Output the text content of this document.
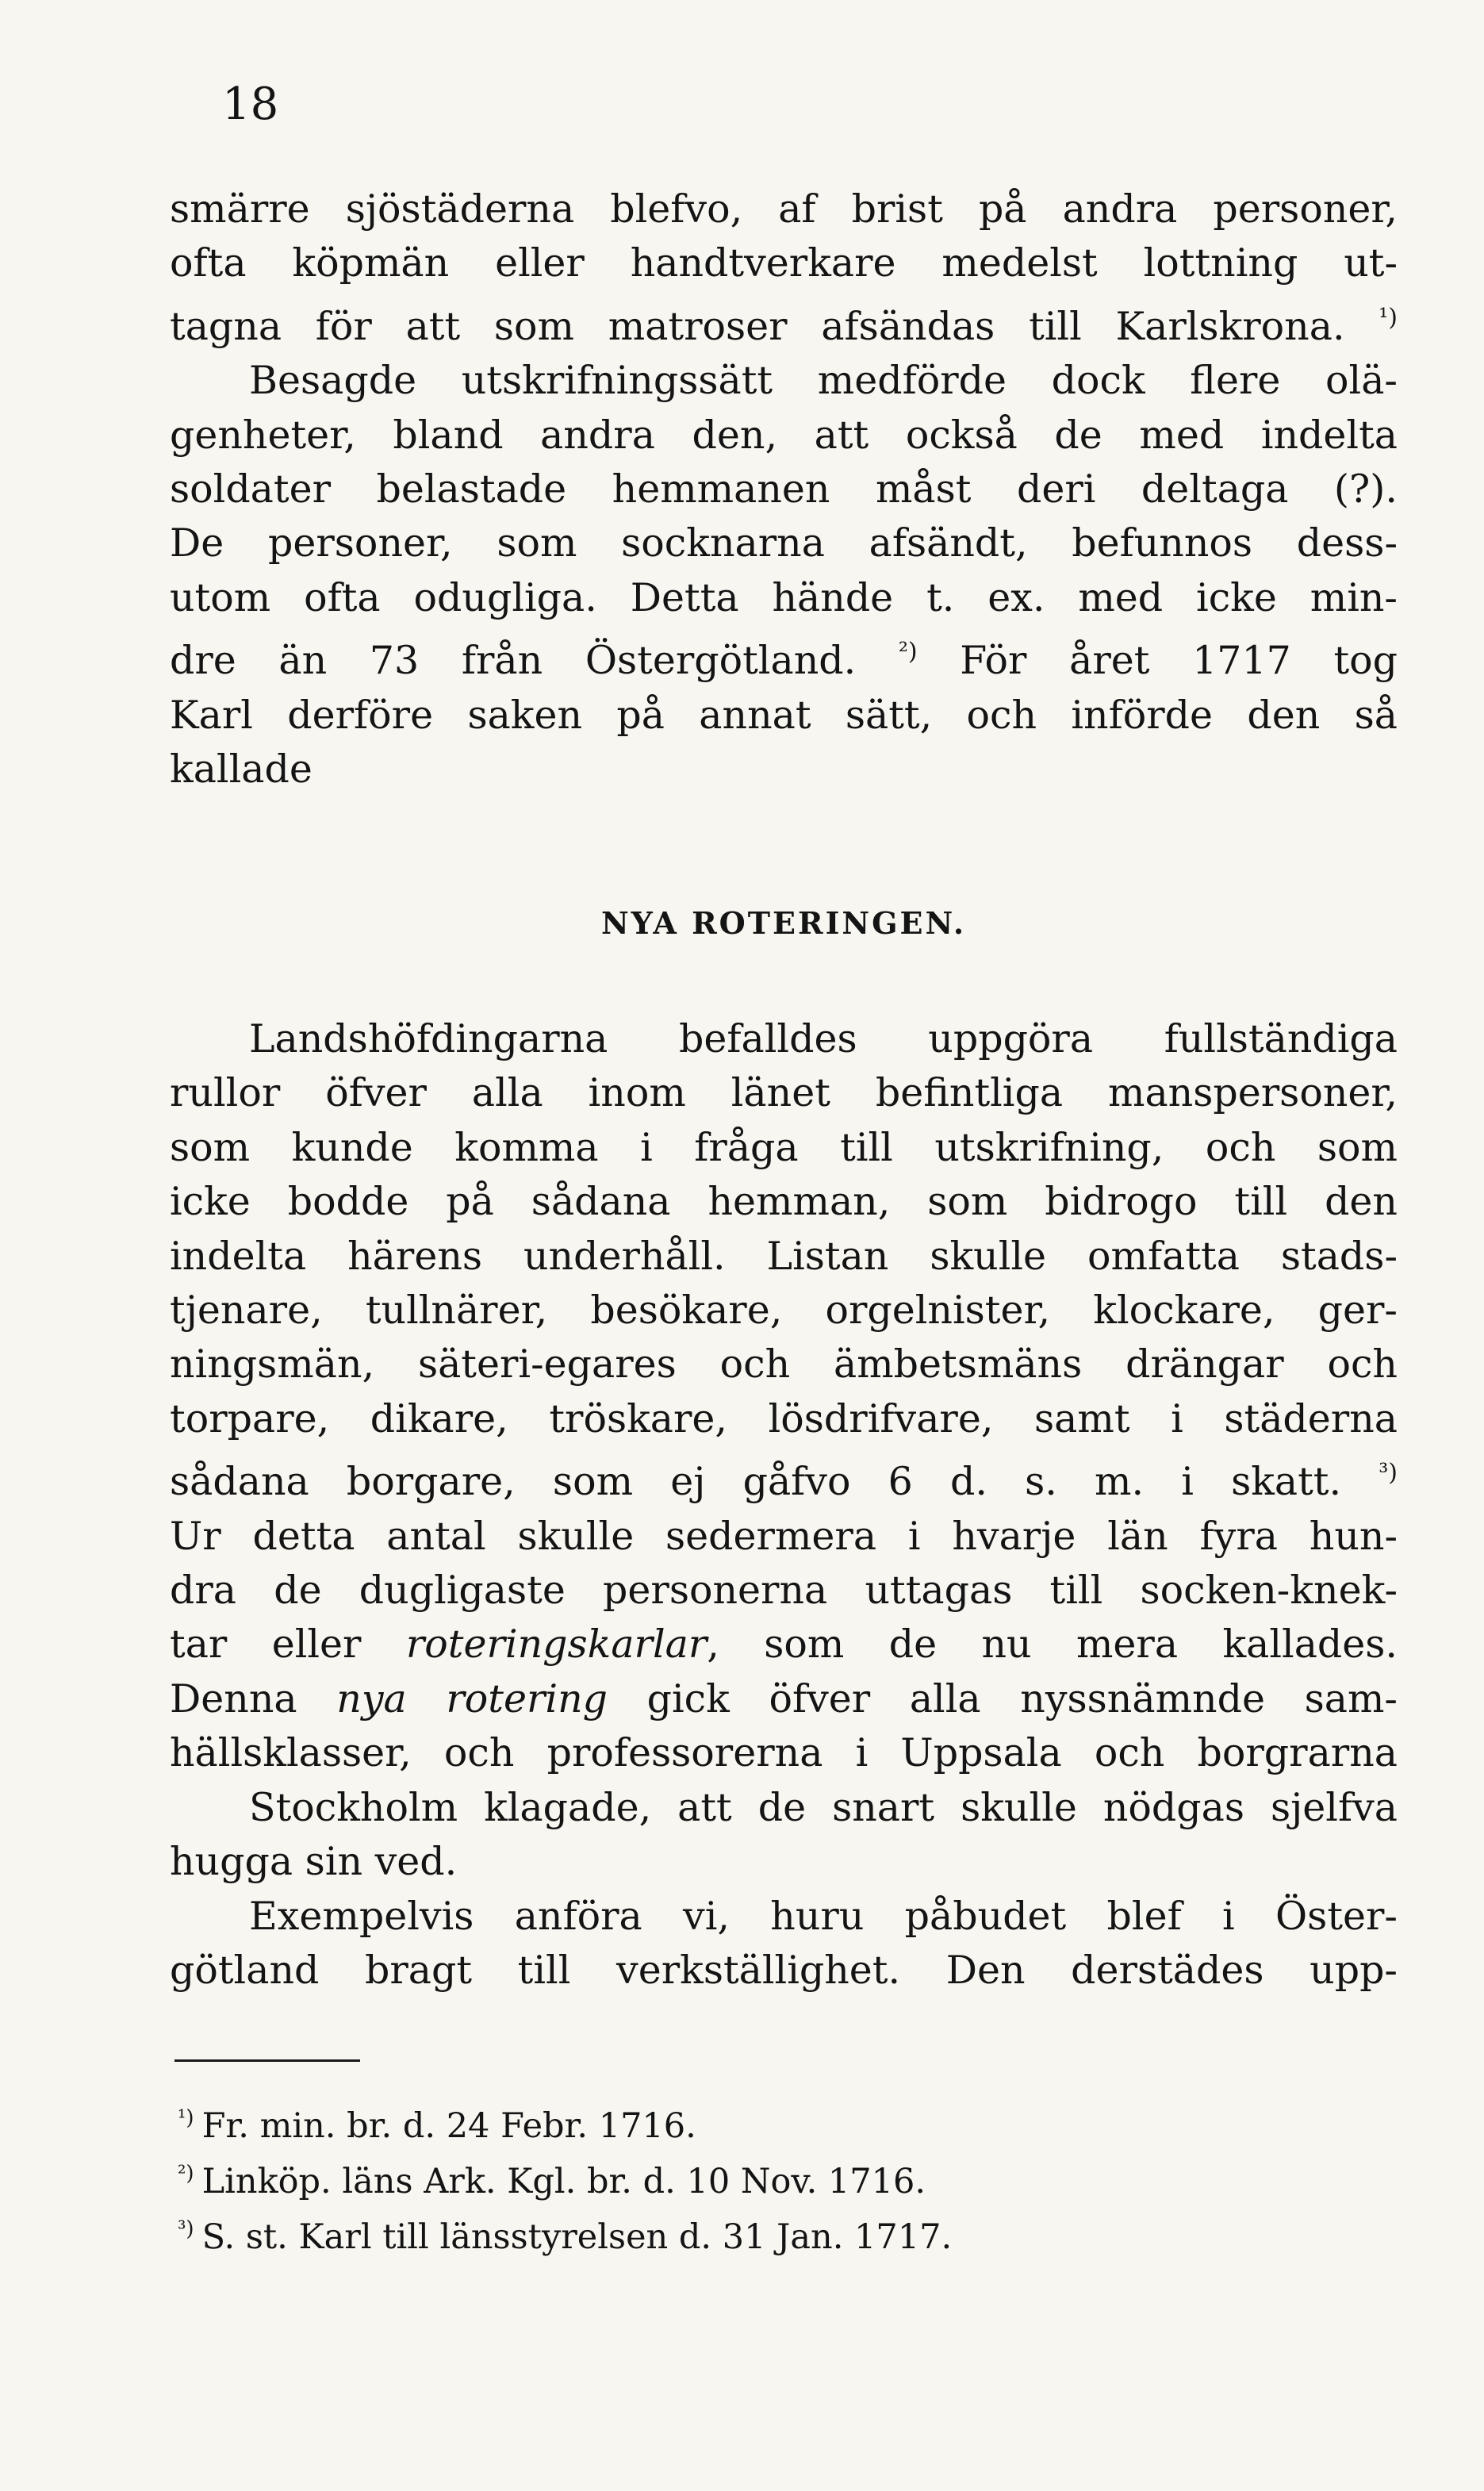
18
smärre sjöstäderna blefvo, af brist på andra personer,
ofta köpmän eller handtverkare medelst lottning ut-
tagna för att som matroser afsändas till Karlskrona. $^{^1)}$
Besagde utskrifningssätt medförde dock flere olä-
genheter, bland andra den, att också de med indelta
soldater belastade hemmanen måst deri deltaga (?).
De personer, som socknarna afsändt, befunnos dess-
utom ofta odugliga. Detta hände t. ex. med icke min-
dre än 73 från Östergötland. $^{^2)}$ För året 1717 tog
Karl derföre saken på annat sätt, och införde den så
kallade
NYA ROTERINGEN.
Landshöfdingarna befalldes uppgöra fullständiga
rullor öfver alla inom länet befintliga manspersoner,
som kunde komma i fråga till utskrifning, och som
icke bodde på sådana hemman, som bidrogo till den
indelta härens underhåll. Listan skulle omfatta stads-
tjenare, tullnärer, besökare, orgelnister, klockare, ger-
ningsmän, säteri-egares och ämbetsmäns drängar och
torpare, dikare, tröskare, lösdrifvare, samt i städerna
sådana borgare, som ej gåfvo 6 d. s. m. i skatt. $^{^3)}$
Ur detta antal skulle sedermera i hvarje län fyra hun-
dra de dugligaste personerna uttagas till socken-knek-
tar eller roteringskarlar, som de nu mera kallades.
Denna nya rotering gick öfver alla nyssnämnde sam-
hällsklasser, och professorerna i Uppsala och borgrarna
Stockholm klagade, att de snart skulle nödgas sjelfva
hugga sin ved.
Exempelvis anföra vi, huru påbudet blef i Öster-
götland bragt till verkställighet. Den derstädes upp-
$^{^1)}$ Fr. min. br. d. 24 Febr. 1716.
$^{^2)}$ Linköp. läns Ark. Kgl. br. d. 10 Nov. 1716.
$^{^3)}$ S. st. Karl till länsstyrelsen d. 31 Jan. 1717.
